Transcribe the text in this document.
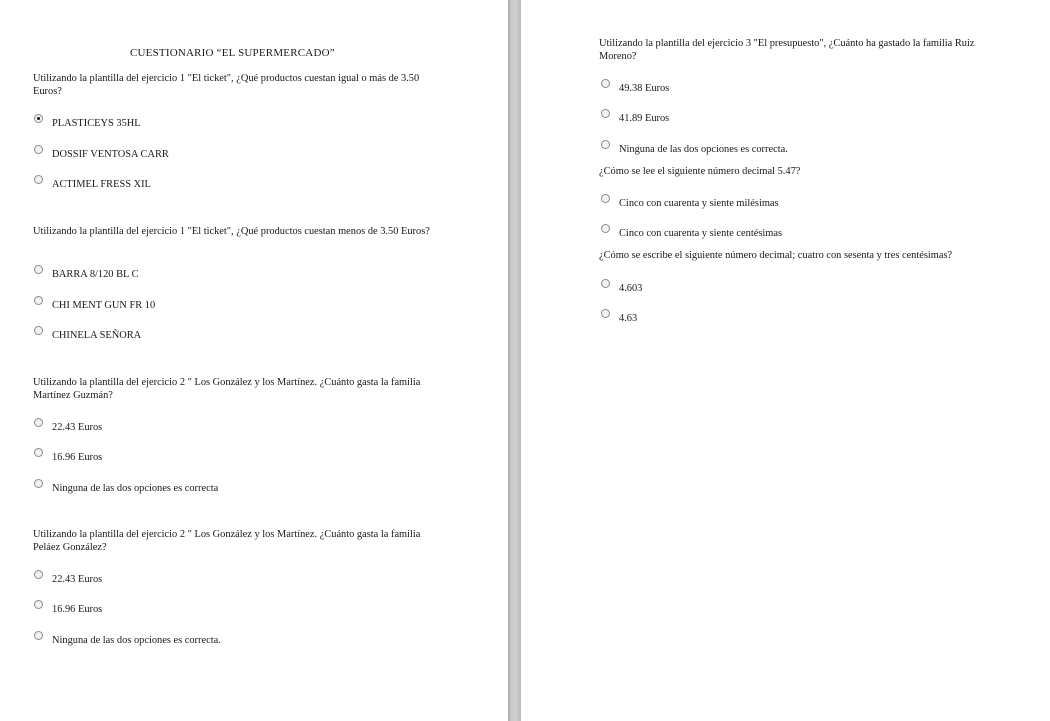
CUESTIONARIO “EL SUPERMERCADO”
Utilizando la plantilla del ejercicio 1 "El ticket", ¿Qué productos cuestan igual o más de 3.50 Euros?
PLASTICEYS 35HL
DOSSIF VENTOSA CARR
ACTIMEL FRESS XIL
Utilizando la plantilla del ejercicio 1 "El ticket", ¿Qué productos cuestan menos de 3.50 Euros?
BARRA 8/120 BL C
CHI MENT GUN FR 10
CHINELA SEÑORA
Utilizando la plantilla del ejercicio 2 " Los González y los Martínez. ¿Cuánto gasta la familia Martínez Guzmán?
22.43 Euros
16.96 Euros
Ninguna de las dos opciones es correcta
Utilizando la plantilla del ejercicio 2 " Los González y los Martínez. ¿Cuánto gasta la familia Peláez González?
22.43 Euros
16.96 Euros
Ninguna de las dos opciones es correcta.
Utilizando la plantilla del ejercicio 3 "El presupuesto", ¿Cuánto ha gastado la familia Ruiz Moreno?
49.38 Euros
41.89 Euros
Ninguna de las dos opciones es correcta.
¿Cómo se lee el siguiente número decimal 5.47?
Cinco con cuarenta y siente milésimas
Cinco con cuarenta y siente centésimas
¿Cómo se escribe el siguiente número decimal; cuatro con sesenta y tres centésimas?
4.603
4.63
